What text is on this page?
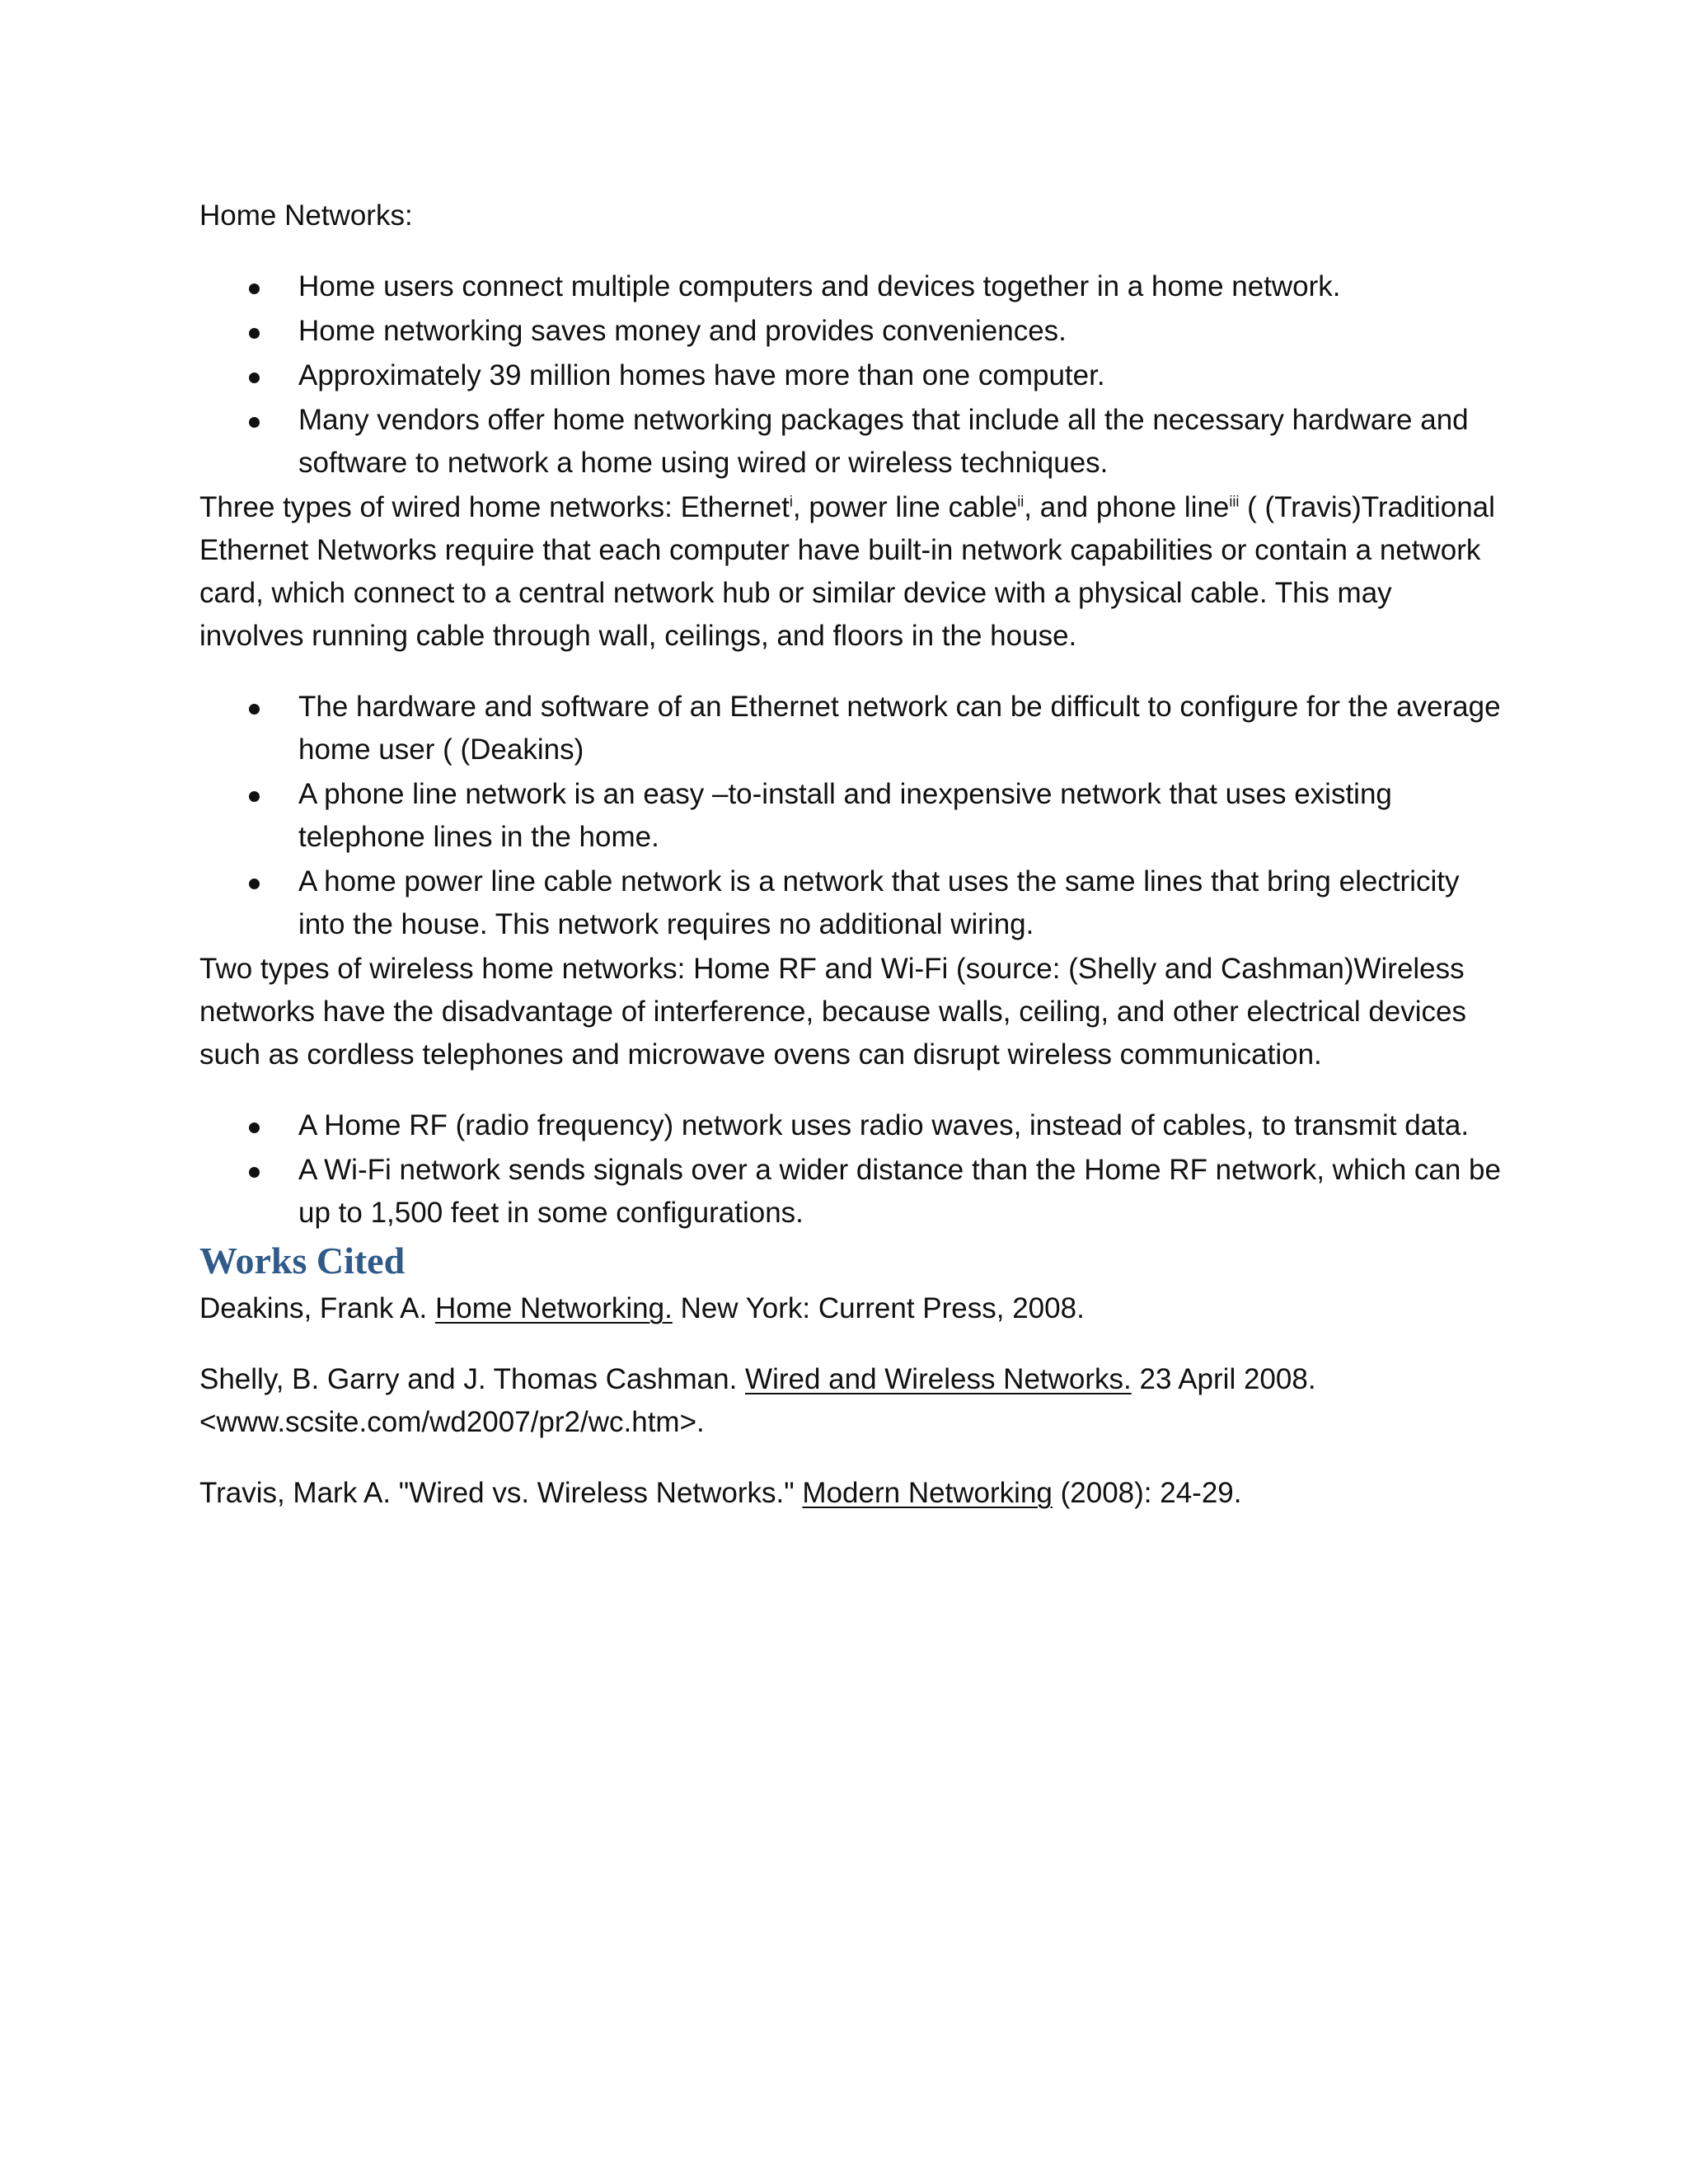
Home Networks:

Home users connect multiple computers and devices together in a home network.
Home networking saves money and provides conveniences.
Approximately 39 million homes have more than one computer.
Many vendors offer home networking packages that include all the necessary hardware and software to network a home using wired or wireless techniques.

Three types of wired home networks: Ethernet$^i$, power line cable$^{ii}$, and phone line$^{iii}$ ( (Travis)Traditional Ethernet Networks require that each computer have built-in network capabilities or contain a network card, which connect to a central network hub or similar device with a physical cable. This may involves running cable through wall, ceilings, and floors in the house.

The hardware and software of an Ethernet network can be difficult to configure for the average home user ( (Deakins)
A phone line network is an easy –to-install and inexpensive network that uses existing telephone lines in the home.
A home power line cable network is a network that uses the same lines that bring electricity into the house. This network requires no additional wiring.

Two types of wireless home networks: Home RF and Wi-Fi (source: (Shelly and Cashman)Wireless networks have the disadvantage of interference, because walls, ceiling, and other electrical devices such as cordless telephones and microwave ovens can disrupt wireless communication.

A Home RF (radio frequency) network uses radio waves, instead of cables, to transmit data.
A Wi-Fi network sends signals over a wider distance than the Home RF network, which can be up to 1,500 feet in some configurations.
Works Cited

Deakins, Frank A. Home Networking. New York: Current Press, 2008.

Shelly, B. Garry and J. Thomas Cashman. Wired and Wireless Networks. 23 April 2008. <www.scsite.com/wd2007/pr2/wc.htm>.

Travis, Mark A. "Wired vs. Wireless Networks." Modern Networking (2008): 24-29.
